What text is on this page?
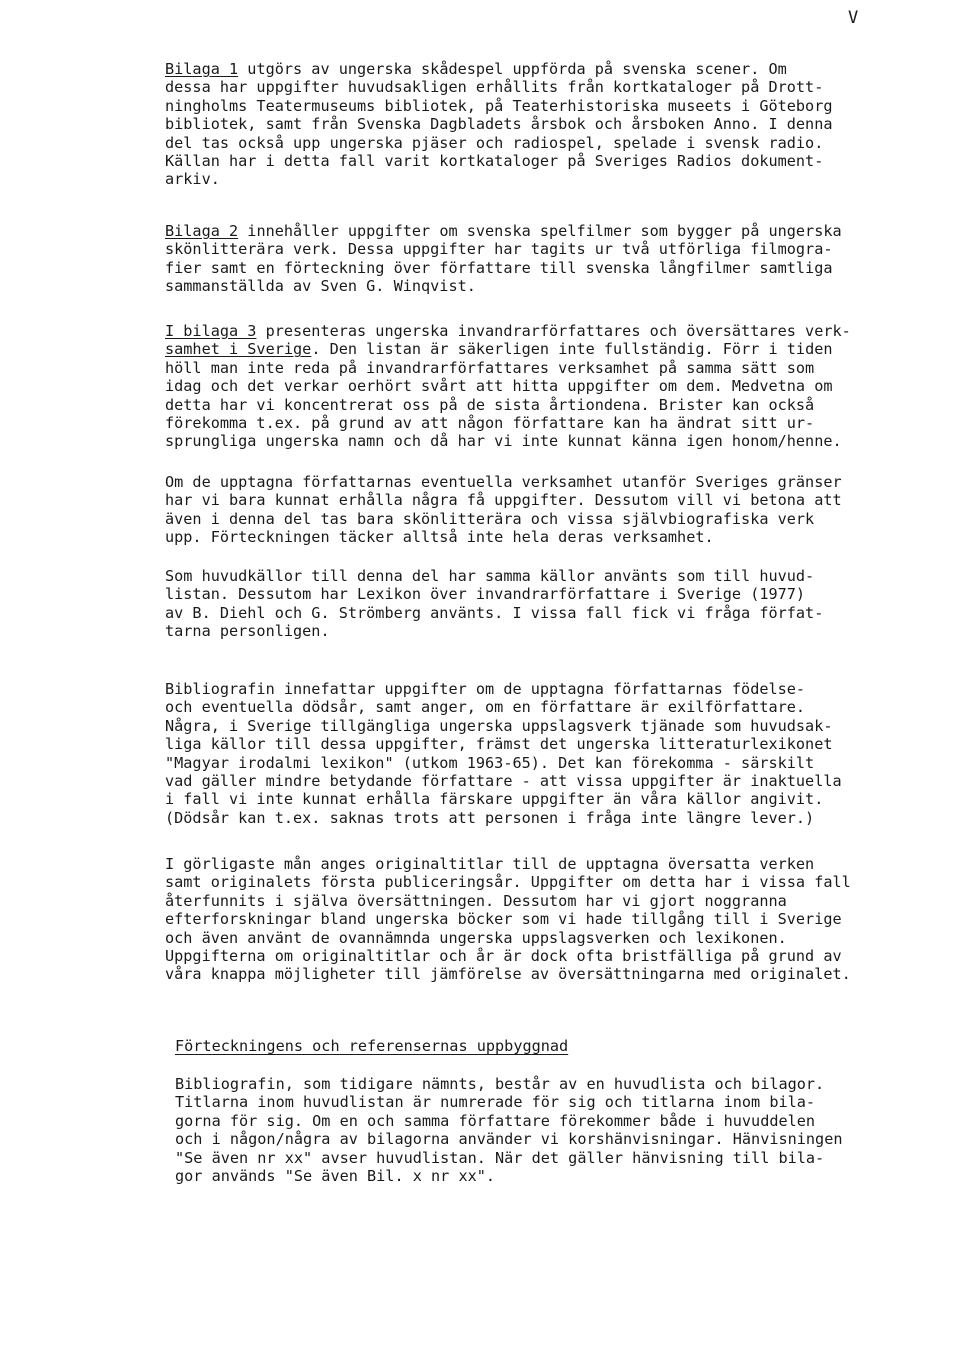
V
Bilaga 1 utgörs av ungerska skådespel uppförda på svenska scener. Om
dessa har uppgifter huvudsakligen erhållits från kortkataloger på Drott-
ningholms Teatermuseums bibliotek, på Teaterhistoriska museets i Göteborg
bibliotek, samt från Svenska Dagbladets årsbok och årsboken Anno. I denna
del tas också upp ungerska pjäser och radiospel, spelade i svensk radio.
Källan har i detta fall varit kortkataloger på Sveriges Radios dokument-
arkiv.
Bilaga 2 innehåller uppgifter om svenska spelfilmer som bygger på ungerska
skönlitterära verk. Dessa uppgifter har tagits ur två utförliga filmogra-
fier samt en förteckning över författare till svenska långfilmer samtliga
sammanställda av Sven G. Winqvist.
I bilaga 3 presenteras ungerska invandrarförfattares och översättares verk-
samhet i Sverige. Den listan är säkerligen inte fullständig. Förr i tiden
höll man inte reda på invandrarförfattares verksamhet på samma sätt som
idag och det verkar oerhört svårt att hitta uppgifter om dem. Medvetna om
detta har vi koncentrerat oss på de sista årtiondena. Brister kan också
förekomma t.ex. på grund av att någon författare kan ha ändrat sitt ur-
sprungliga ungerska namn och då har vi inte kunnat känna igen honom/henne.
Om de upptagna författarnas eventuella verksamhet utanför Sveriges gränser
har vi bara kunnat erhålla några få uppgifter. Dessutom vill vi betona att
även i denna del tas bara skönlitterära och vissa självbiografiska verk
upp. Förteckningen täcker alltså inte hela deras verksamhet.
Som huvudkällor till denna del har samma källor använts som till huvud-
listan. Dessutom har Lexikon över invandrarförfattare i Sverige (1977)
av B. Diehl och G. Strömberg använts. I vissa fall fick vi fråga förfat-
tarna personligen.
Bibliografin innefattar uppgifter om de upptagna författarnas födelse-
och eventuella dödsår, samt anger, om en författare är exilförfattare.
Några, i Sverige tillgängliga ungerska uppslagsverk tjänade som huvudsak-
liga källor till dessa uppgifter, främst det ungerska litteraturlexikonet
"Magyar irodalmi lexikon" (utkom 1963-65). Det kan förekomma - särskilt
vad gäller mindre betydande författare - att vissa uppgifter är inaktuella
i fall vi inte kunnat erhålla färskare uppgifter än våra källor angivit.
(Dödsår kan t.ex. saknas trots att personen i fråga inte längre lever.)
I görligaste mån anges originaltitlar till de upptagna översatta verken
samt originalets första publiceringsår. Uppgifter om detta har i vissa fall
återfunnits i själva översättningen. Dessutom har vi gjort noggranna
efterforskningar bland ungerska böcker som vi hade tillgång till i Sverige
och även använt de ovannämnda ungerska uppslagsverken och lexikonen.
Uppgifterna om originaltitlar och år är dock ofta bristfälliga på grund av
våra knappa möjligheter till jämförelse av översättningarna med originalet.
Förteckningens och referensernas uppbyggnad
Bibliografin, som tidigare nämnts, består av en huvudlista och bilagor.
Titlarna inom huvudlistan är numrerade för sig och titlarna inom bila-
gorna för sig. Om en och samma författare förekommer både i huvuddelen
och i någon/några av bilagorna använder vi korshänvisningar. Hänvisningen
"Se även nr xx" avser huvudlistan. När det gäller hänvisning till bila-
gor används "Se även Bil. x nr xx".
